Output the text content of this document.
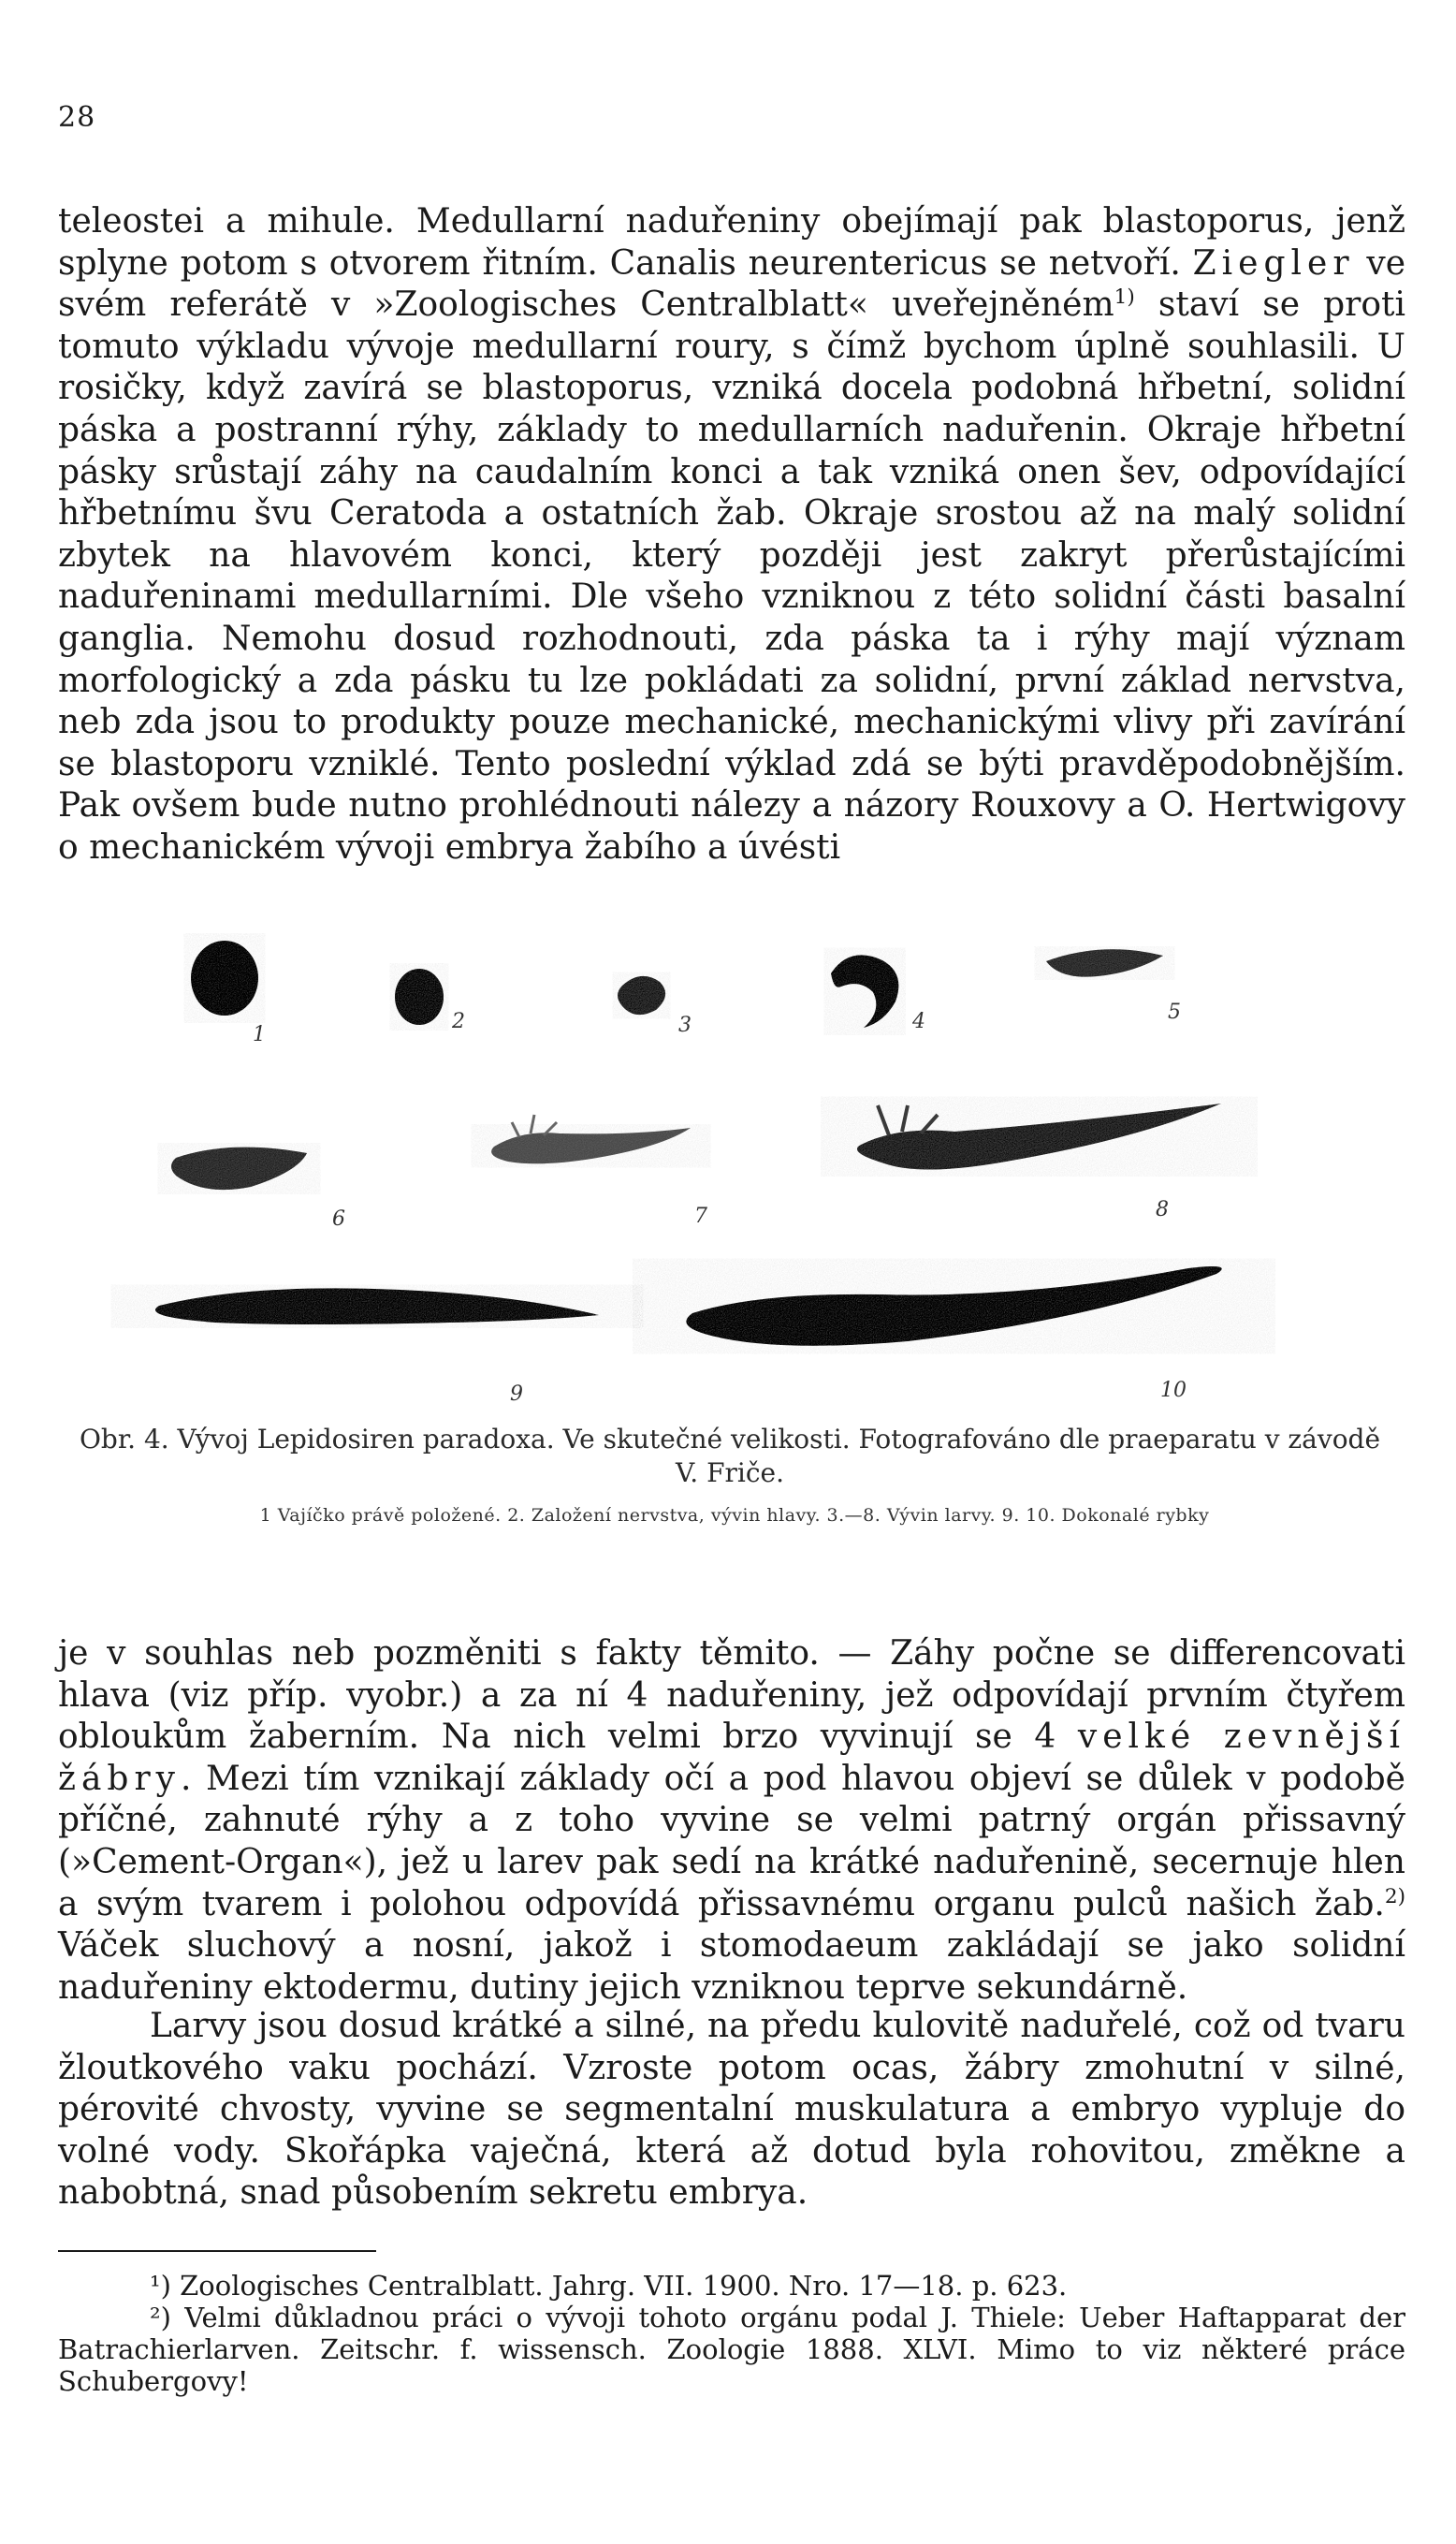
28

teleostei a mihule. Medullarní naduřeniny obejímají pak blastoporus, jenž splyne potom s otvorem řitním. Canalis neurentericus se netvoří. Ziegler ve svém referátě v »Zoologisches Centralblatt« uveřejněném$^{1)}$ staví se proti tomuto výkladu vývoje medullarní roury, s čímž bychom úplně souhlasili. U rosičky, když zavírá se blastoporus, vzniká docela podobná hřbetní, solidní páska a postranní rýhy, základy to medullarních naduřenin. Okraje hřbetní pásky srůstají záhy na caudalním konci a tak vzniká onen šev, odpovídající hřbetnímu švu Ceratoda a ostatních žab. Okraje srostou až na malý solidní zbytek na hlavovém konci, který později jest zakryt přerůstajícími naduřeninami medullarními. Dle všeho vzniknou z této solidní části basalní ganglia. Nemohu dosud rozhodnouti, zda páska ta i rýhy mají význam morfologický a zda pásku tu lze pokládati za solidní, první základ nervstva, neb zda jsou to produkty pouze mechanické, mechanickými vlivy při zavírání se blastoporu vzniklé. Tento poslední výklad zdá se býti pravděpodobnějším. Pak ovšem bude nutno prohlédnouti nálezy a názory Rouxovy a O. Hertwigovy o mechanickém vývoji embrya žabího a úvésti

1
2	3	4	5
6	7	8
9	10
Obr. 4. Vývoj Lepidosiren paradoxa. Ve skutečné velikosti. Fotografováno dle praeparatu v závodě V. Friče.
1 Vajíčko právě položené. 2. Založení nervstva, vývin hlavy. 3.—8. Vývin larvy. 9. 10. Dokonalé rybky

je v souhlas neb pozměniti s fakty těmito. — Záhy počne se differencovati hlava (viz příp. vyobr.) a za ní 4 naduřeniny, jež odpovídají prvním čtyřem obloukům žaberním. Na nich velmi brzo vyvinují se 4 velké zevnější žábry. Mezi tím vznikají základy očí a pod hlavou objeví se důlek v podobě příčné, zahnuté rýhy a z toho vyvine se velmi patrný orgán přissavný (»Cement-Organ«), jež u larev pak sedí na krátké naduřenině, secernuje hlen a svým tvarem i polohou odpovídá přissavnému organu pulců našich žab.$^{2)}$ Váček sluchový a nosní, jakož i stomodaeum zakládají se jako solidní naduřeniny ektodermu, dutiny jejich vzniknou teprve sekundárně.

Larvy jsou dosud krátké a silné, na předu kulovitě naduřelé, což od tvaru žloutkového vaku pochází. Vzroste potom ocas, žábry zmohutní v silné, pérovité chvosty, vyvine se segmentalní muskulatura a embryo vypluje do volné vody. Skořápka vaječná, která až dotud byla rohovitou, změkne a nabobtná, snad působením sekretu embrya.

¹) Zoologisches Centralblatt. Jahrg. VII. 1900. Nro. 17—18. p. 623.

²) Velmi důkladnou práci o vývoji tohoto orgánu podal J. Thiele: Ueber Haftapparat der Batrachierlarven. Zeitschr. f. wissensch. Zoologie 1888. XLVI. Mimo to viz některé práce Schubergovy!
